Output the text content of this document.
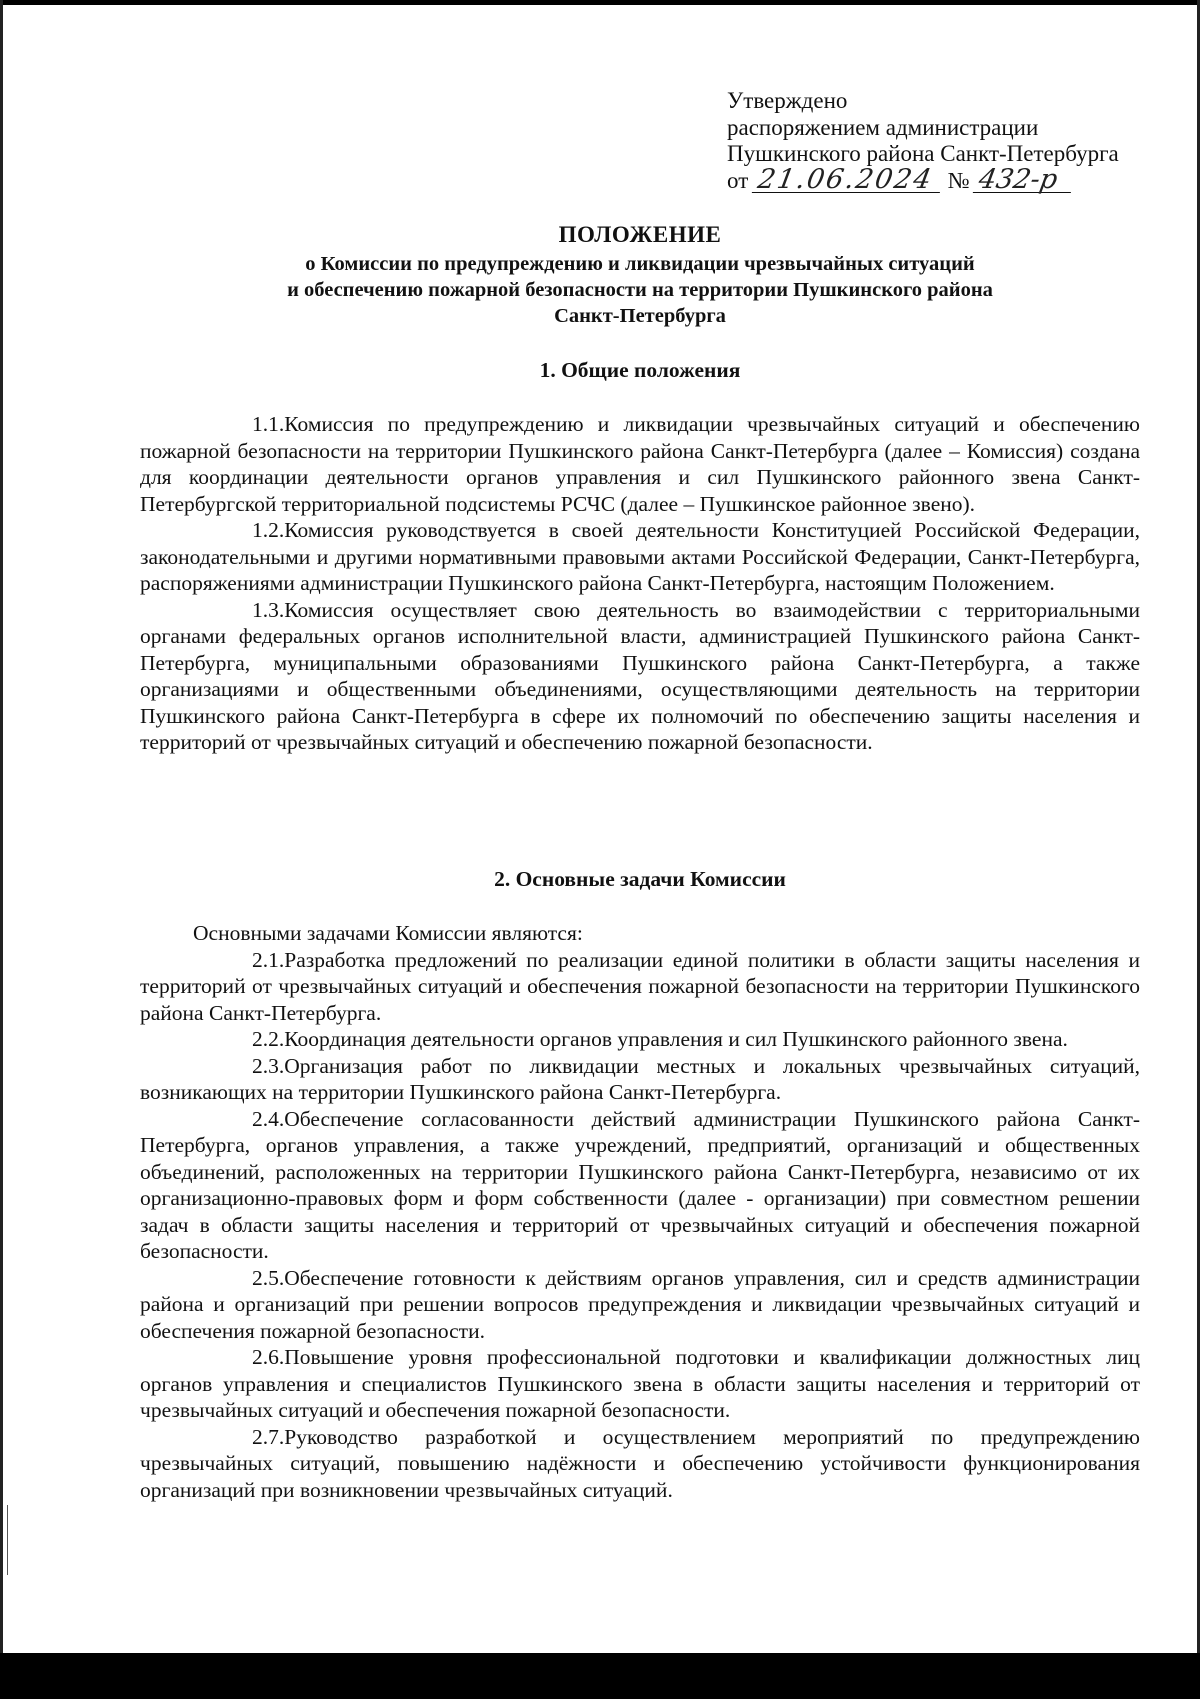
Утверждено
распоряжением администрации
Пушкинского района Санкт-Петербурга
от 21.06.2024 № 432-р
ПОЛОЖЕНИЕ
о Комиссии по предупреждению и ликвидации чрезвычайных ситуаций
и обеспечению пожарной безопасности на территории Пушкинского района
Санкт-Петербурга
1. Общие положения

1.1.Комиссия по предупреждению и ликвидации чрезвычайных ситуаций и обеспечению пожарной безопасности на территории Пушкинского района Санкт-Петербурга (далее – Комиссия) создана для координации деятельности органов управления и сил Пушкинского районного звена Санкт-Петербургской территориальной подсистемы РСЧС (далее – Пушкинское районное звено).

1.2.Комиссия руководствуется в своей деятельности Конституцией Российской Федерации, законодательными и другими нормативными правовыми актами Российской Федерации, Санкт-Петербурга, распоряжениями администрации Пушкинского района Санкт-Петербурга, настоящим Положением.

1.3.Комиссия осуществляет свою деятельность во взаимодействии с территориальными органами федеральных органов исполнительной власти, администрацией Пушкинского района Санкт-Петербурга, муниципальными образованиями Пушкинского района Санкт-Петербурга, а также организациями и общественными объединениями, осуществляющими деятельность на территории Пушкинского района Санкт-Петербурга в сфере их полномочий по обеспечению защиты населения и территорий от чрезвычайных ситуаций и обеспечению пожарной безопасности.

2. Основные задачи Комиссии

Основными задачами Комиссии являются:

2.1.Разработка предложений по реализации единой политики в области защиты населения и территорий от чрезвычайных ситуаций и обеспечения пожарной безопасности на территории Пушкинского района Санкт-Петербурга.

2.2.Координация деятельности органов управления и сил Пушкинского районного звена.

2.3.Организация работ по ликвидации местных и локальных чрезвычайных ситуаций, возникающих на территории Пушкинского района Санкт-Петербурга.

2.4.Обеспечение согласованности действий администрации Пушкинского района Санкт-Петербурга, органов управления, а также учреждений, предприятий, организаций и общественных объединений, расположенных на территории Пушкинского района Санкт-Петербурга, независимо от их организационно-правовых форм и форм собственности (далее - организации) при совместном решении задач в области защиты населения и территорий от чрезвычайных ситуаций и обеспечения пожарной безопасности.

2.5.Обеспечение готовности к действиям органов управления, сил и средств администрации района и организаций при решении вопросов предупреждения и ликвидации чрезвычайных ситуаций и обеспечения пожарной безопасности.

2.6.Повышение уровня профессиональной подготовки и квалификации должностных лиц органов управления и специалистов Пушкинского звена в области защиты населения и территорий от чрезвычайных ситуаций и обеспечения пожарной безопасности.

2.7.Руководство разработкой и осуществлением мероприятий по предупреждению чрезвычайных ситуаций, повышению надёжности и обеспечению устойчивости функционирования организаций при возникновении чрезвычайных ситуаций.
